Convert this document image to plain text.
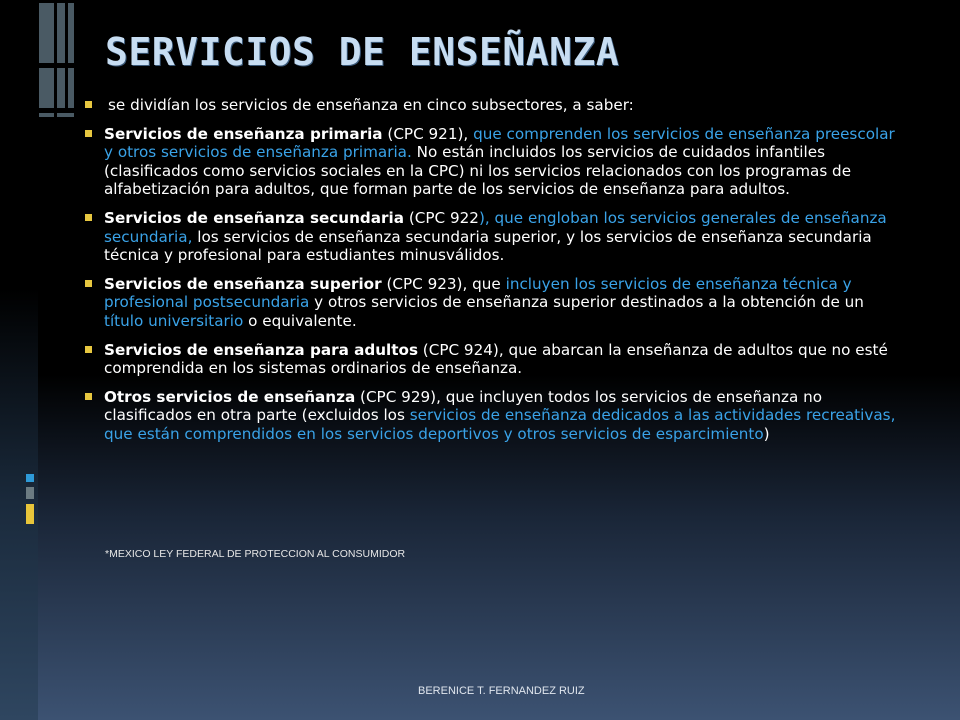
SERVICIOS DE ENSEÑANZA
se dividían los servicios de enseñanza en cinco subsectores, a saber:
Servicios de enseñanza primaria (CPC 921), que comprenden los servicios de enseñanza preescolar y otros servicios de enseñanza primaria. No están incluidos los servicios de cuidados infantiles (clasificados como servicios sociales en la CPC) ni los servicios relacionados con los programas de alfabetización para adultos, que forman parte de los servicios de enseñanza para adultos.
Servicios de enseñanza secundaria (CPC 922), que engloban los servicios generales de enseñanza secundaria, los servicios de enseñanza secundaria superior, y los servicios de enseñanza secundaria técnica y profesional para estudiantes minusválidos.
Servicios de enseñanza superior (CPC 923), que incluyen los servicios de enseñanza técnica y profesional postsecundaria y otros servicios de enseñanza superior destinados a la obtención de un título universitario o equivalente.
Servicios de enseñanza para adultos (CPC 924), que abarcan la enseñanza de adultos que no esté comprendida en los sistemas ordinarios de enseñanza.
Otros servicios de enseñanza (CPC 929), que incluyen todos los servicios de enseñanza no clasificados en otra parte (excluidos los servicios de enseñanza dedicados a las actividades recreativas, que están comprendidos en los servicios deportivos y otros servicios de esparcimiento)
*MEXICO LEY FEDERAL DE PROTECCION AL CONSUMIDOR
BERENICE T. FERNANDEZ RUIZ
